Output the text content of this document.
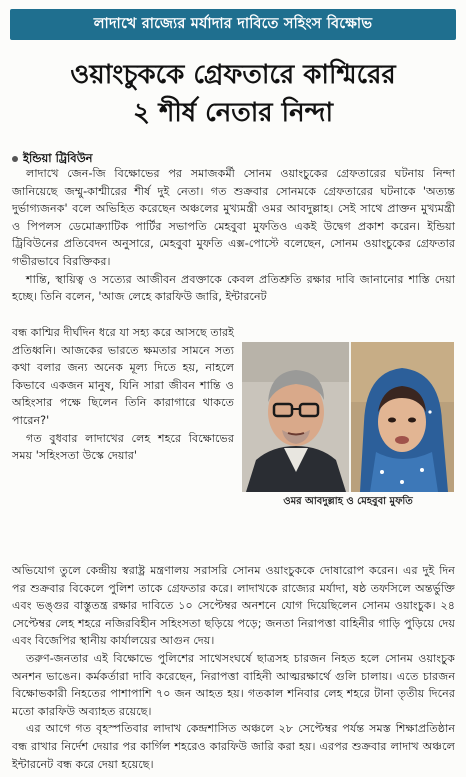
লাদাখে রাজ্যের মর্যাদার দাবিতে সহিংস বিক্ষোভ
ওয়াংচুককে গ্রেফতারে কাশ্মিরের
২ শীর্ষ নেতার নিন্দা
ইন্ডিয়া ট্রিবিউন

লাদাখে জেন-জি বিক্ষোভের পর সমাজকর্মী সোনম ওয়াংচুকের গ্রেফতারের ঘটনায় নিন্দা জানিয়েছে জম্মু-কাশ্মীরের শীর্ষ দুই নেতা। গত শুক্রবার সোনমকে গ্রেফতারের ঘটনাকে 'অত্যন্ত দুর্ভাগ্যজনক' বলে অভিহিত করেছেন অঞ্চলের মুখ্যমন্ত্রী ওমর আবদুল্লাহ। সেই সাথে প্রাক্তন মুখ্যমন্ত্রী ও পিপলস ডেমোক্র্যাটিক পার্টির সভাপতি মেহবুবা মুফতিও একই উদ্বেগ প্রকাশ করেন। ইন্ডিয়া ট্রিবিউনের প্রতিবেদন অনুসারে, মেহবুবা মুফতি এক্স-পোস্টে বলেছেন, সোনম ওয়াংচুকের গ্রেফতার গভীরভাবে বিরক্তিকর।

শান্তি, স্থায়িত্ব ও সত্যের আজীবন প্রবক্তাকে কেবল প্রতিশ্রুতি রক্ষার দাবি জানানোর শাস্তি দেয়া হচ্ছে। তিনি বলেন, 'আজ লেহে কারফিউ জারি, ইন্টারনেট

বন্ধ কাশ্মির দীর্ঘদিন ধরে যা সহ্য করে আসছে তারই প্রতিধ্বনি। আজকের ভারতে ক্ষমতার সামনে সত্য কথা বলার জন্য অনেক মূল্য দিতে হয়, নাহলে কিভাবে একজন মানুষ, যিনি সারা জীবন শান্তি ও অহিংসার পক্ষে ছিলেন তিনি কারাগারে থাকতে পারেন?'

গত বুধবার লাদাখের লেহ শহরে বিক্ষোভের সময় 'সহিংসতা উস্কে দেয়ার'

ওমর আবদুল্লাহ ও মেহবুবা মুফতি

অভিযোগ তুলে কেন্দ্রীয় স্বরাষ্ট্র মন্ত্রণালয় সরাসরি সোনম ওয়াংচুককে দোষারোপ করেন। এর দুই দিন পর শুক্রবার বিকেলে পুলিশ তাকে গ্রেফতার করে। লাদাখকে রাজ্যের মর্যাদা, ষষ্ঠ তফসিলে অন্তর্ভুক্তি এবং ভঙ্গুর বাস্তুতন্ত্র রক্ষার দাবিতে ১০ সেপ্টেম্বর অনশনে যোগ দিয়েছিলেন সোনম ওয়াংচুক। ২৪ সেপ্টেম্বর লেহ শহরে নজিরবিহীন সহিংসতা ছড়িয়ে পড়ে; জনতা নিরাপত্তা বাহিনীর গাড়ি পুড়িয়ে দেয় এবং বিজেপির স্থানীয় কার্যালয়ের আগুন দেয়।

তরুণ-জনতার এই বিক্ষোভে পুলিশের সাথেসংঘর্ষে ছাত্রসহ চারজন নিহত হলে সোনম ওয়াংচুক অনশন ভাঙেন। কর্মকর্তারা দাবি করেছেন, নিরাপত্তা বাহিনী আত্মরক্ষার্থে গুলি চালায়। এতে চারজন বিক্ষোভকারী নিহতের পাশাপাশি ৭০ জন আহত হয়। গতকাল শনিবার লেহ শহরে টানা তৃতীয় দিনের মতো কারফিউ অব্যাহত রয়েছে।

এর আগে গত বৃহস্পতিবার লাদাখ কেন্দ্রশাসিত অঞ্চলে ২৮ সেপ্টেম্বর পর্যন্ত সমস্ত শিক্ষাপ্রতিষ্ঠান বন্ধ রাখার নির্দেশ দেয়ার পর কার্গিল শহরেও কারফিউ জারি করা হয়। এরপর শুক্রবার লাদাখ অঞ্চলে ইন্টারনেট বন্ধ করে দেয়া হয়েছে।
